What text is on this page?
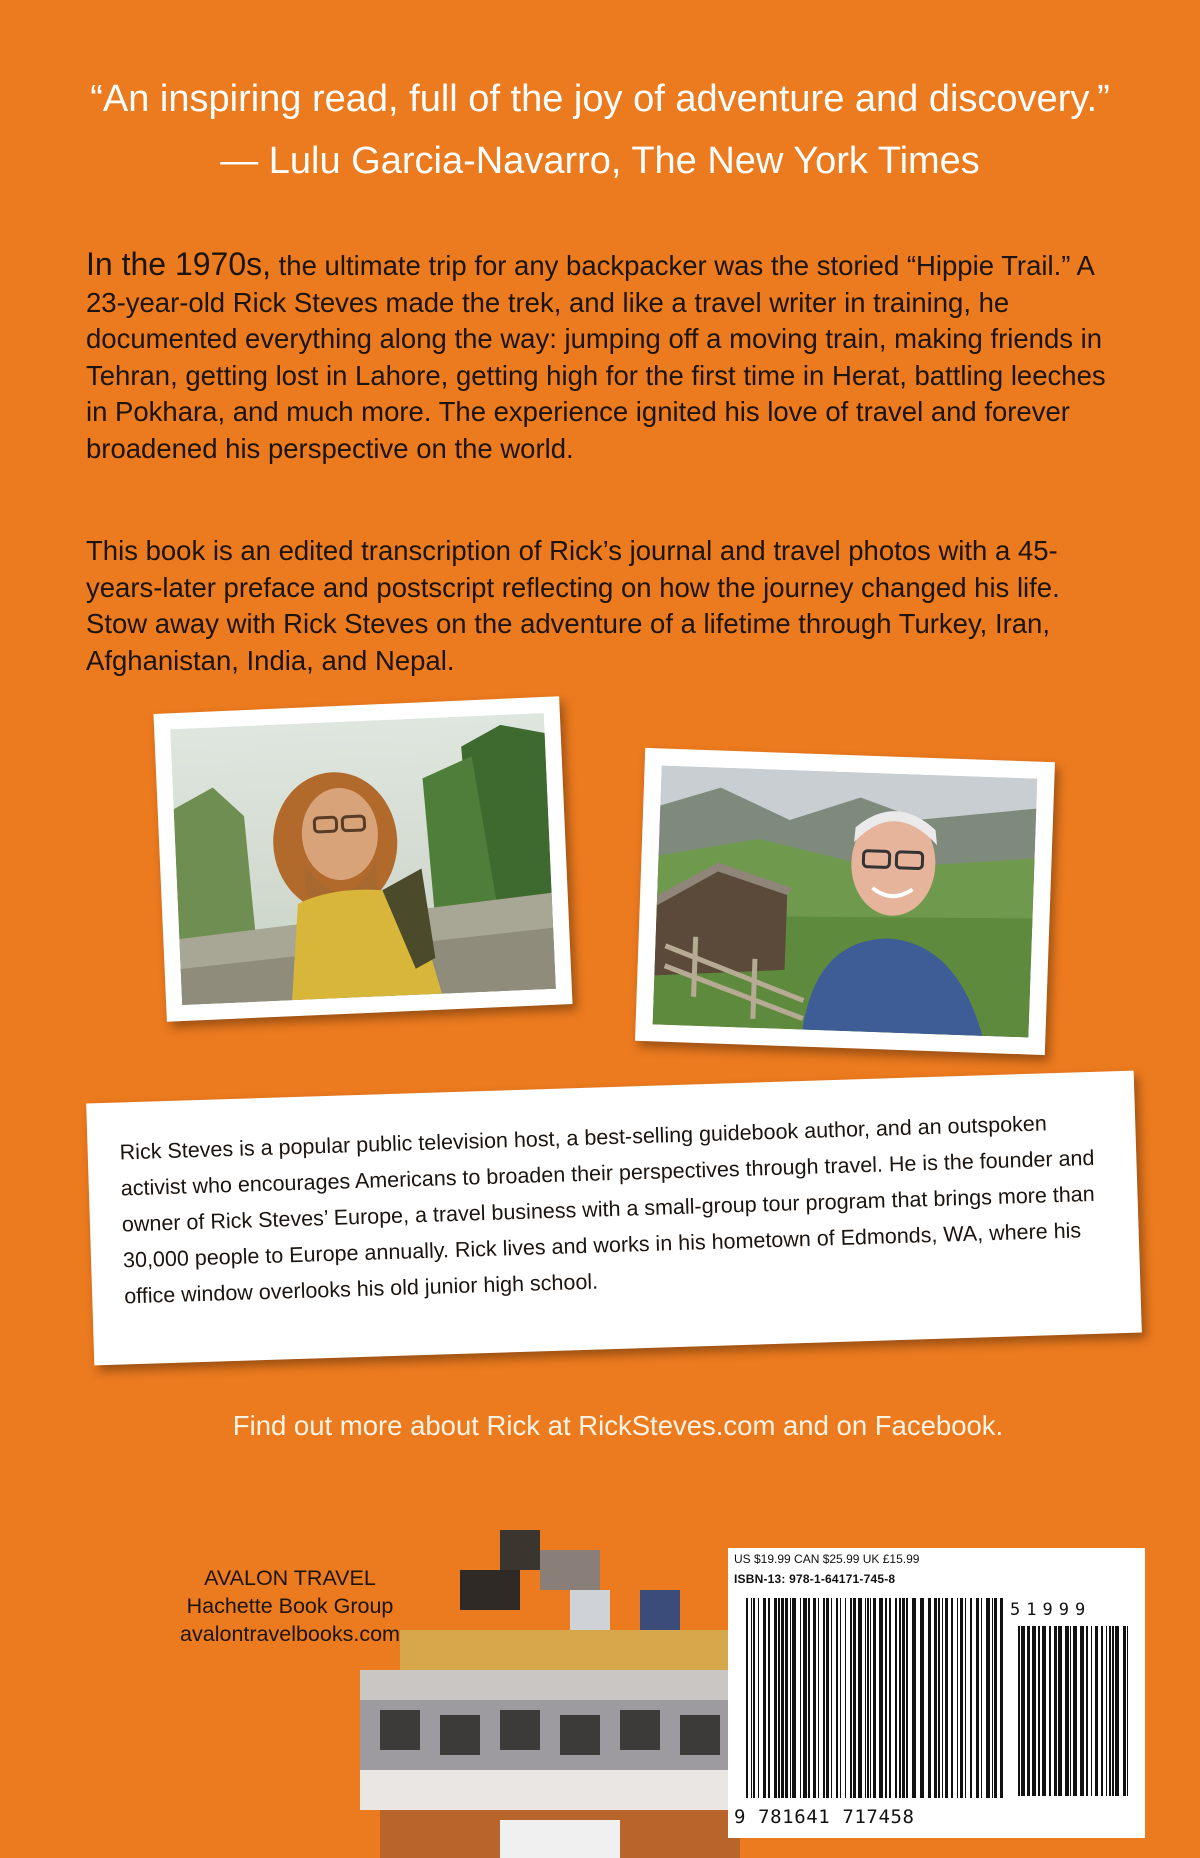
“An inspiring read, full of the joy of adventure and discovery.”
— Lulu Garcia-Navarro, The New York Times
In the 1970s, the ultimate trip for any backpacker was the storied “Hippie Trail.” A 23-year-old Rick Steves made the trek, and like a travel writer in training, he documented everything along the way: jumping off a moving train, making friends in Tehran, getting lost in Lahore, getting high for the first time in Herat, battling leeches in Pokhara, and much more. The experience ignited his love of travel and forever broadened his perspective on the world.
This book is an edited transcription of Rick’s journal and travel photos with a 45-years-later preface and postscript reflecting on how the journey changed his life. Stow away with Rick Steves on the adventure of a lifetime through Turkey, Iran, Afghanistan, India, and Nepal.
Rick Steves is a popular public television host, a best-selling guidebook author, and an outspoken activist who encourages Americans to broaden their perspectives through travel. He is the founder and owner of Rick Steves’ Europe, a travel business with a small-group tour program that brings more than 30,000 people to Europe annually. Rick lives and works in his hometown of Edmonds, WA, where his office window overlooks his old junior high school.
Find out more about Rick at RickSteves.com and on Facebook.
AVALON TRAVEL
Hachette Book Group
avalontravelbooks.com
US $19.99 CAN $25.99 UK £15.99
ISBN-13: 978-1-64171-745-8
51999
9 781641 717458
